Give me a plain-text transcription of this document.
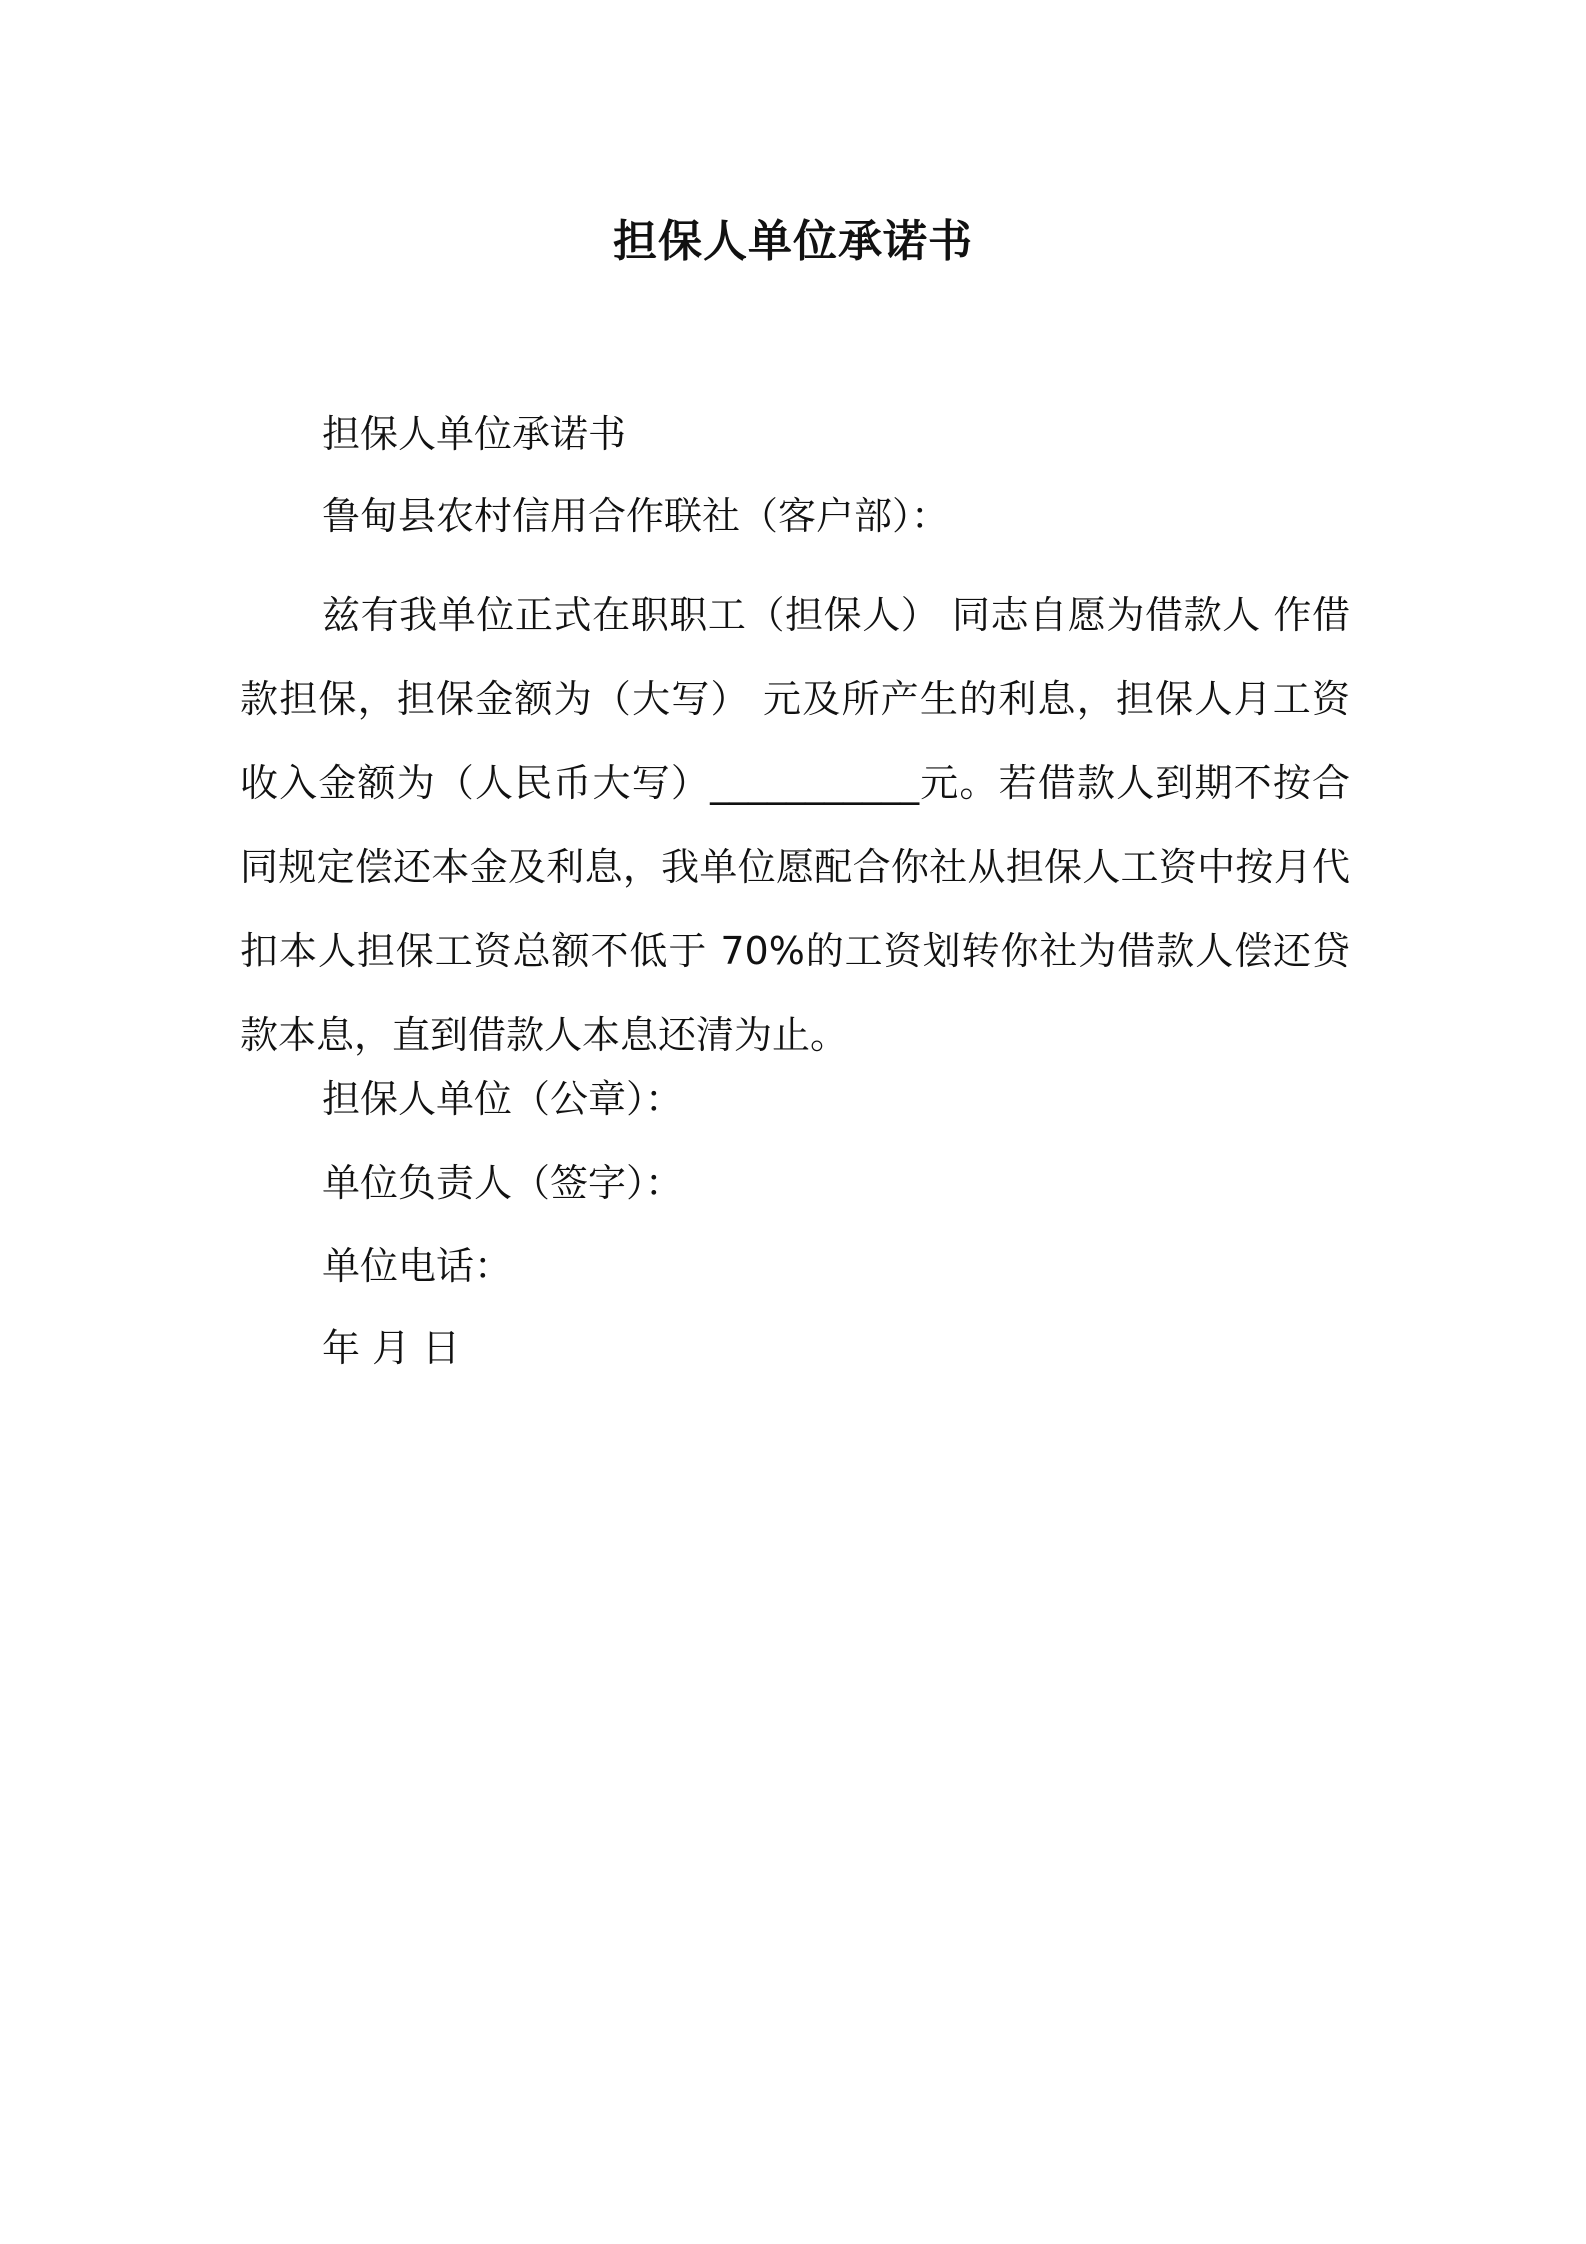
担保人单位承诺书
担保人单位承诺书
鲁甸县农村信用合作联社（客户部）：
兹有我单位正式在职职工（担保人） 同志自愿为借款人 作借款担保，担保金额为（大写） 元及所产生的利息，担保人月工资收入金额为（人民币大写）___________元。若借款人到期不按合同规定偿还本金及利息，我单位愿配合你社从担保人工资中按月代扣本人担保工资总额不低于 70%的工资划转你社为借款人偿还贷款本息，直到借款人本息还清为止。
担保人单位（公章）：
单位负责人（签字）：
单位电话：
年 月 日
